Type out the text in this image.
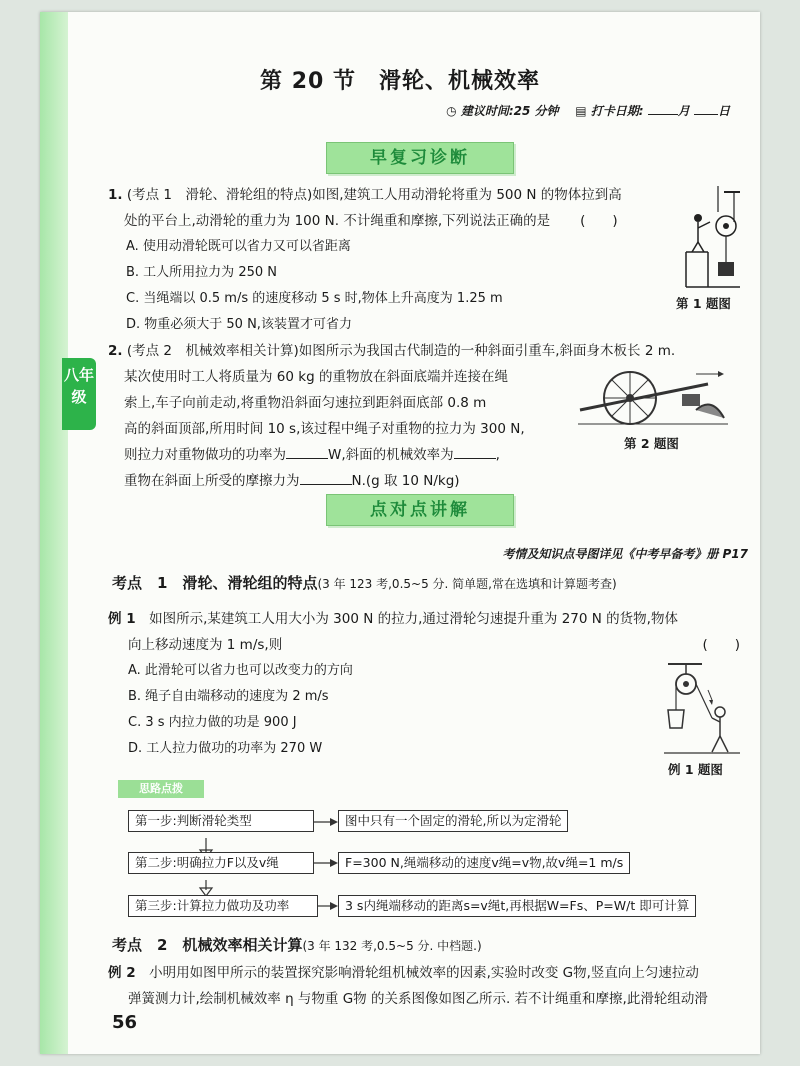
八年
级
第 20 节　滑轮、机械效率
◷ 建议时间:25 分钟 ▤ 打卡日期:	月 日
早复习诊断
1. (考点 1　滑轮、滑轮组的特点)如图,建筑工人用动滑轮将重为 500 N 的物体拉到高
处的平台上,动滑轮的重力为 100 N. 不计绳重和摩擦,下列说法正确的是 (　　)
A. 使用动滑轮既可以省力又可以省距离
B. 工人所用拉力为 250 N
C. 当绳端以 0.5 m/s 的速度移动 5 s 时,物体上升高度为 1.25 m
D. 物重必须大于 50 N,该装置才可省力
第 1 题图
2. (考点 2　机械效率相关计算)如图所示为我国古代制造的一种斜面引重车,斜面身木板长 2 m.
某次使用时工人将质量为 60 kg 的重物放在斜面底端并连接在绳
索上,车子向前走动,将重物沿斜面匀速拉到距斜面底部 0.8 m
高的斜面顶部,所用时间 10 s,该过程中绳子对重物的拉力为 300 N,
则拉力对重物做功的功率为	W,斜面的机械效率为	,
重物在斜面上所受的摩擦力为	N.(g 取 10 N/kg)
第 2 题图
点对点讲解
考情及知识点导图详见《中考早备考》册 P17
考点　1　滑轮、滑轮组的特点(3 年 123 考,0.5~5 分. 简单题,常在选填和计算题考查)
例 1　 如图所示,某建筑工人用大小为 300 N 的拉力,通过滑轮匀速提升重为 270 N 的货物,物体
向上移动速度为 1 m/s,则	(　　)
A. 此滑轮可以省力也可以改变力的方向
B. 绳子自由端移动的速度为 2 m/s
C. 3 s 内拉力做的功是 900 J
D. 工人拉力做功的功率为 270 W
例 1 题图
思路点拨
第一步:判断滑轮类型	图中只有一个固定的滑轮,所以为定滑轮
第二步:明确拉力F以及v绳	F=300 N,绳端移动的速度v绳=v物,故v绳=1 m/s
第三步:计算拉力做功及功率	3 s内绳端移动的距离s=v绳t,再根据W=Fs、P=W/t 即可计算
考点　2　机械效率相关计算(3 年 132 考,0.5~5 分. 中档题.)
例 2　 小明用如图甲所示的装置探究影响滑轮组机械效率的因素,实验时改变 G物,竖直向上匀速拉动
弹簧测力计,绘制机械效率 η 与物重 G物 的关系图像如图乙所示. 若不计绳重和摩擦,此滑轮组动滑
56
